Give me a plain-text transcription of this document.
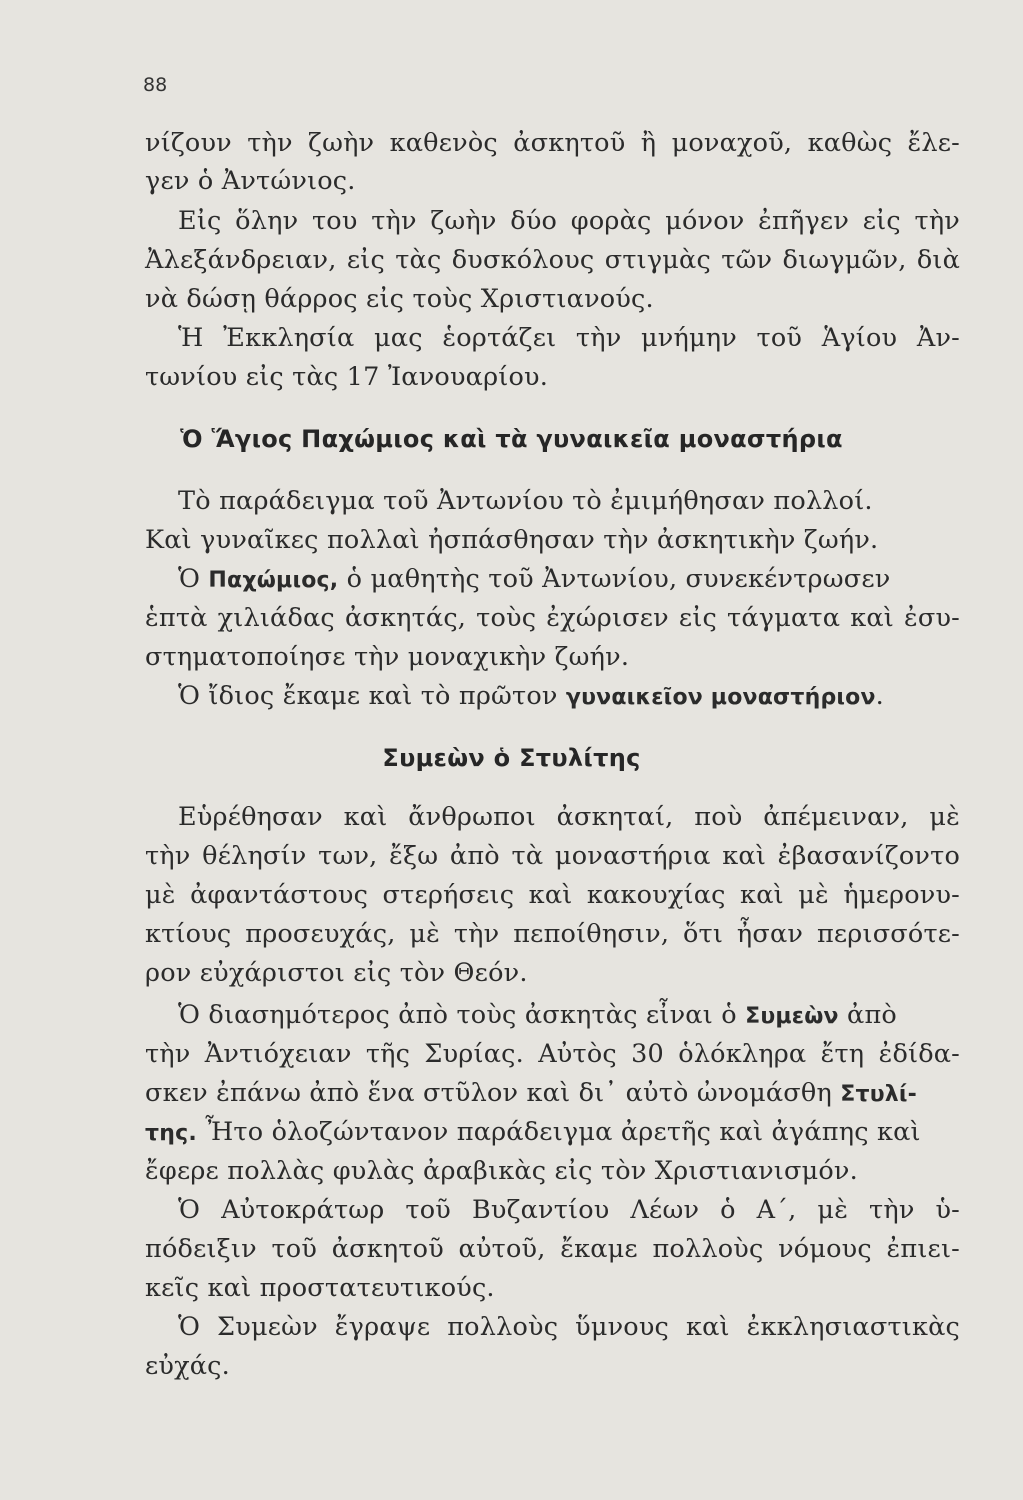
88
νίζουν τὴν ζωὴν καθενὸς ἀσκητοῦ ἢ μοναχοῦ, καθὼς ἔλε-
γεν ὁ Ἀντώνιος.
Εἰς ὅλην του τὴν ζωὴν δύο φορὰς μόνον ἐπῆγεν εἰς τὴν
Ἀλεξάνδρειαν, εἰς τὰς δυσκόλους στιγμὰς τῶν διωγμῶν, διὰ
νὰ δώσῃ θάρρος εἰς τοὺς Χριστιανούς.
Ἡ Ἐκκλησία μας ἑορτάζει τὴν μνήμην τοῦ Ἁγίου Ἀν-
τωνίου εἰς τὰς 17 Ἰανουαρίου.
Ὁ Ἅγιος Παχώμιος καὶ τὰ γυναικεῖα μοναστήρια
Τὸ παράδειγμα τοῦ Ἀντωνίου τὸ ἐμιμήθησαν πολλοί.
Καὶ γυναῖκες πολλαὶ ἠσπάσθησαν τὴν ἀσκητικὴν ζωήν.
Ὁ Παχώμιος, ὁ μαθητὴς τοῦ Ἀντωνίου, συνεκέντρωσεν
ἑπτὰ χιλιάδας ἀσκητάς, τοὺς ἐχώρισεν εἰς τάγματα καὶ ἐσυ-
στηματοποίησε τὴν μοναχικὴν ζωήν.
Ὁ ἴδιος ἔκαμε καὶ τὸ πρῶτον γυναικεῖον μοναστήριον.
Συμεὼν ὁ Στυλίτης
Εὑρέθησαν καὶ ἄνθρωποι ἀσκηταί, ποὺ ἀπέμειναν, μὲ
τὴν θέλησίν των, ἔξω ἀπὸ τὰ μοναστήρια καὶ ἐβασανίζοντο
μὲ ἀφαντάστους στερήσεις καὶ κακουχίας καὶ μὲ ἡμερονυ-
κτίους προσευχάς, μὲ τὴν πεποίθησιν, ὅτι ἦσαν περισσότε-
ρον εὐχάριστοι εἰς τὸν Θεόν.
Ὁ διασημότερος ἀπὸ τοὺς ἀσκητὰς εἶναι ὁ Συμεὼν ἀπὸ
τὴν Ἀντιόχειαν τῆς Συρίας. Αὐτὸς 30 ὁλόκληρα ἔτη ἐδίδα-
σκεν ἐπάνω ἀπὸ ἕνα στῦλον καὶ δι᾽ αὐτὸ ὠνομάσθη Στυλί-
της. Ἦτο ὁλοζώντανον παράδειγμα ἀρετῆς καὶ ἀγάπης καὶ
ἔφερε πολλὰς φυλὰς ἀραβικὰς εἰς τὸν Χριστιανισμόν.
Ὁ Αὐτοκράτωρ τοῦ Βυζαντίου Λέων ὁ Α΄, μὲ τὴν ὑ-
πόδειξιν τοῦ ἀσκητοῦ αὐτοῦ, ἔκαμε πολλοὺς νόμους ἐπιει-
κεῖς καὶ προστατευτικούς.
Ὁ Συμεὼν ἔγραψε πολλοὺς ὕμνους καὶ ἐκκλησιαστικὰς
εὐχάς.
